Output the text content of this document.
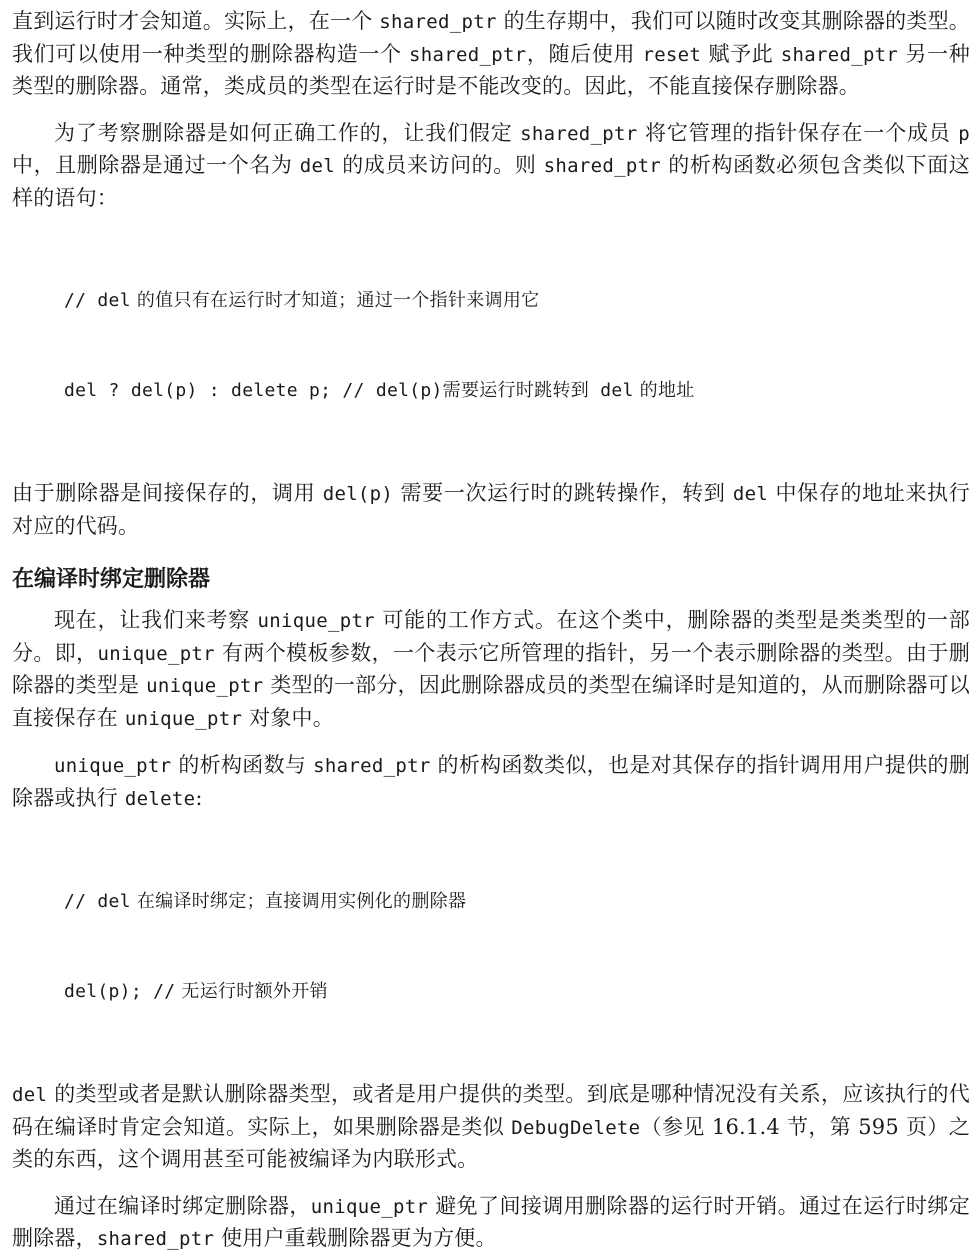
直到运行时才会知道。实际上，在一个 shared_ptr 的生存期中，我们可以随时改变其删除器的类型。我们可以使用一种类型的删除器构造一个 shared_ptr，随后使用 reset 赋予此 shared_ptr 另一种类型的删除器。通常，类成员的类型在运行时是不能改变的。因此，不能直接保存删除器。

为了考察删除器是如何正确工作的，让我们假定 shared_ptr 将它管理的指针保存在一个成员 p 中，且删除器是通过一个名为 del 的成员来访问的。则 shared_ptr 的析构函数必须包含类似下面这样的语句：

// del 的值只有在运行时才知道；通过一个指针来调用它

del ? del(p) : delete p; // del(p)需要运行时跳转到 del 的地址

由于删除器是间接保存的，调用 del(p) 需要一次运行时的跳转操作，转到 del 中保存的地址来执行对应的代码。

在编译时绑定删除器

现在，让我们来考察 unique_ptr 可能的工作方式。在这个类中，删除器的类型是类类型的一部分。即，unique_ptr 有两个模板参数，一个表示它所管理的指针，另一个表示删除器的类型。由于删除器的类型是 unique_ptr 类型的一部分，因此删除器成员的类型在编译时是知道的，从而删除器可以直接保存在 unique_ptr 对象中。

unique_ptr 的析构函数与 shared_ptr 的析构函数类似，也是对其保存的指针调用用户提供的删除器或执行 delete:

// del 在编译时绑定；直接调用实例化的删除器

del(p); // 无运行时额外开销

del 的类型或者是默认删除器类型，或者是用户提供的类型。到底是哪种情况没有关系，应该执行的代码在编译时肯定会知道。实际上，如果删除器是类似 DebugDelete（参见 16.1.4 节，第 595 页）之类的东西，这个调用甚至可能被编译为内联形式。

通过在编译时绑定删除器，unique_ptr 避免了间接调用删除器的运行时开销。通过在运行时绑定删除器，shared_ptr 使用户重载删除器更为方便。
